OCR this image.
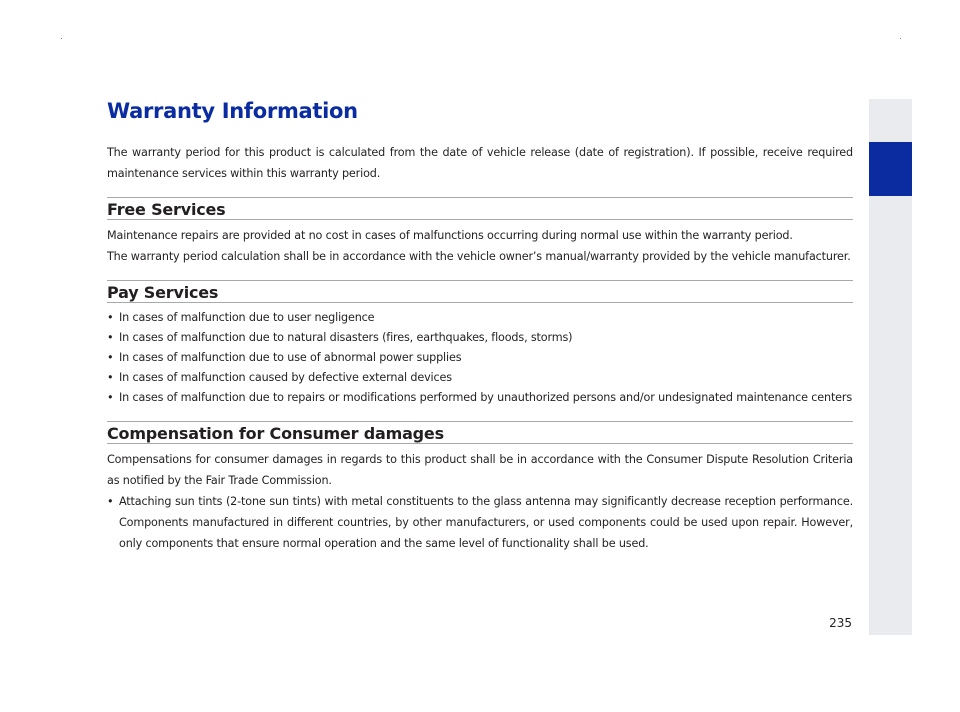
Warranty Information

The warranty period for this product is calculated from the date of vehicle release (date of registration). If possible, receive required maintenance services within this warranty period.

Free Services

Maintenance repairs are provided at no cost in cases of malfunctions occurring during normal use within the warranty period.

The warranty period calculation shall be in accordance with the vehicle owner’s manual/warranty provided by the vehicle manufacturer.

Pay Services
• In cases of malfunction due to user negligence
• In cases of malfunction due to natural disasters (fires, earthquakes, floods, storms)
• In cases of malfunction due to use of abnormal power supplies
• In cases of malfunction caused by defective external devices
• In cases of malfunction due to repairs or modifications performed by unauthorized persons and/or undesignated maintenance centers
Compensation for Consumer damages

Compensations for consumer damages in regards to this product shall be in accordance with the Consumer Dispute Resolution Criteria as notified by the Fair Trade Commission.

• Attaching sun tints (2-tone sun tints) with metal constituents to the glass antenna may significantly decrease reception performance. Components manufactured in different countries, by other manufacturers, or used components could be used upon repair. However, only components that ensure normal operation and the same level of functionality shall be used.
235
